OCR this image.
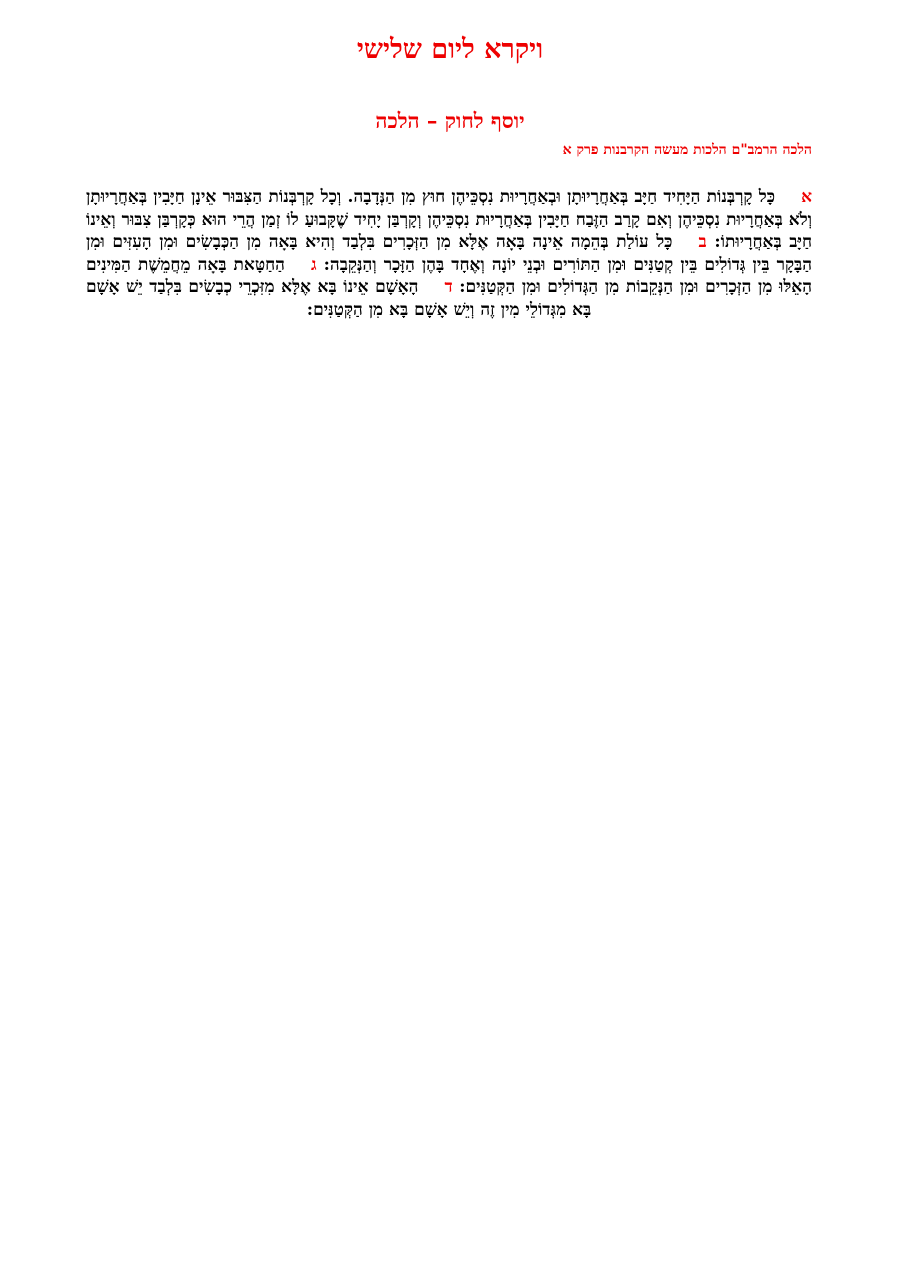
ויקרא ליום שלישי
יוסף לחוק – הלכה
הלכה הרמב"ם הלכות מעשה הקרבנות פרק א

אכָּל קָרְבְּנוֹת הַיָּחִיד חַיָּב בְּאַחֲרָיוּתָן וּבְאַחֲרָיוּת נִסְכֵּיהֶן חוּץ מִן הַנְּדָבָה. וְכָל קָרְבְּנוֹת הַצִּבּוּר אֵינָן חַיָּבִין בְּאַחֲרָיוּתָן וְלֹא בְּאַחֲרָיוּת נִסְכֵּיהֶן וְאִם קָרַב הַזֶּבַח חַיָּבִין בְּאַחֲרָיוּת נִסְכֵּיהֶן וְקָרְבַּן יָחִיד שֶׁקָּבוּעַ לוֹ זְמַן הֲרֵי הוּא כְּקָרְבַּן צִבּוּר וְאֵינוֹ חַיָּב בְּאַחֲרָיוּתוֹ: בכָּל עוֹלַת בְּהֵמָה אֵינָה בָּאָה אֶלָּא מִן הַזְּכָרִים בִּלְבַד וְהִיא בָּאָה מִן הַכְּבָשִׂים וּמִן הָעִזִּים וּמִן הַבָּקָר בֵּין גְּדוֹלִים בֵּין קְטַנִּים וּמִן הַתּוֹרִים וּבְנֵי יוֹנָה וְאֶחָד בָּהֶן הַזָּכָר וְהַנְּקֵבָה: גהַחַטָּאת בָּאָה מֵחֲמֵשֶׁת הַמִּינִים הָאֵלּוּ מִן הַזְּכָרִים וּמִן הַנְּקֵבוֹת מִן הַגְּדוֹלִים וּמִן הַקְּטַנִּים: דהָאָשָׁם אֵינוֹ בָּא אֶלָּא מִזִּכְרֵי כְבָשִׂים בִּלְבַד יֵשׁ אָשָׁם בָּא מִגְּדוֹלֵי מִין זֶה וְיֵשׁ אָשָׁם בָּא מִן הַקְּטַנִּים:
